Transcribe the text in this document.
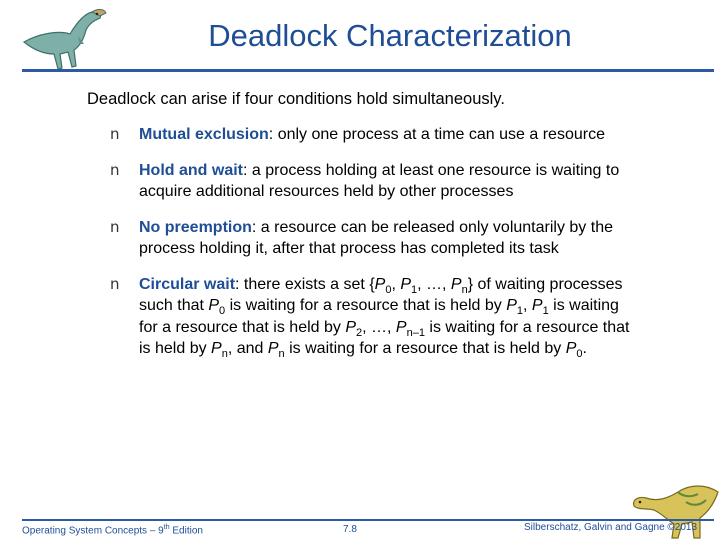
Deadlock Characterization
Deadlock can arise if four conditions hold simultaneously.
n Mutual exclusion: only one process at a time can use a resource
n Hold and wait: a process holding at least one resource is waiting to acquire additional resources held by other processes
n No preemption: a resource can be released only voluntarily by the process holding it, after that process has completed its task
n Circular wait: there exists a set {$P_0$, $P_1$, …, $P_n$} of waiting processes such that $P_0$ is waiting for a resource that is held by $P_1$, $P_1$ is waiting for a resource that is held by $P_2$, …, $P_{n-1}$ is waiting for a resource that is held by $P_n$, and $P_n$ is waiting for a resource that is held by $P_0$.
Operating System Concepts – 9th Edition	7.8	Silberschatz, Galvin and Gagne ©2013
